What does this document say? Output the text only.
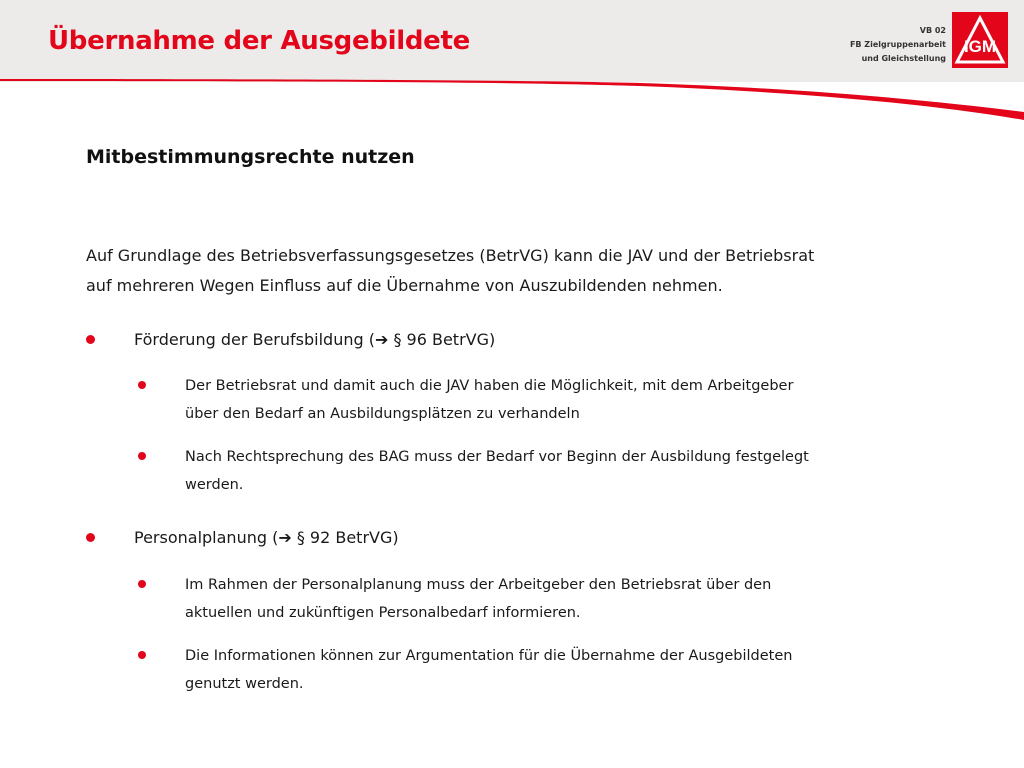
Übernahme der Ausgebildete	VB 02
FB Zielgruppenarbeit
und Gleichstellung
IGM
Mitbestimmungsrechte nutzen
Auf Grundlage des Betriebsverfassungsgesetzes (BetrVG) kann die JAV und der Betriebsrat
auf mehreren Wegen Einfluss auf die Übernahme von Auszubildenden nehmen.
Förderung der Berufsbildung (➔ § 96 BetrVG)
Der Betriebsrat und damit auch die JAV haben die Möglichkeit, mit dem Arbeitgeber
über den Bedarf an Ausbildungsplätzen zu verhandeln
Nach Rechtsprechung des BAG muss der Bedarf vor Beginn der Ausbildung festgelegt
werden.
Personalplanung (➔ § 92 BetrVG)
Im Rahmen der Personalplanung muss der Arbeitgeber den Betriebsrat über den
aktuellen und zukünftigen Personalbedarf informieren.
Die Informationen können zur Argumentation für die Übernahme der Ausgebildeten
genutzt werden.
